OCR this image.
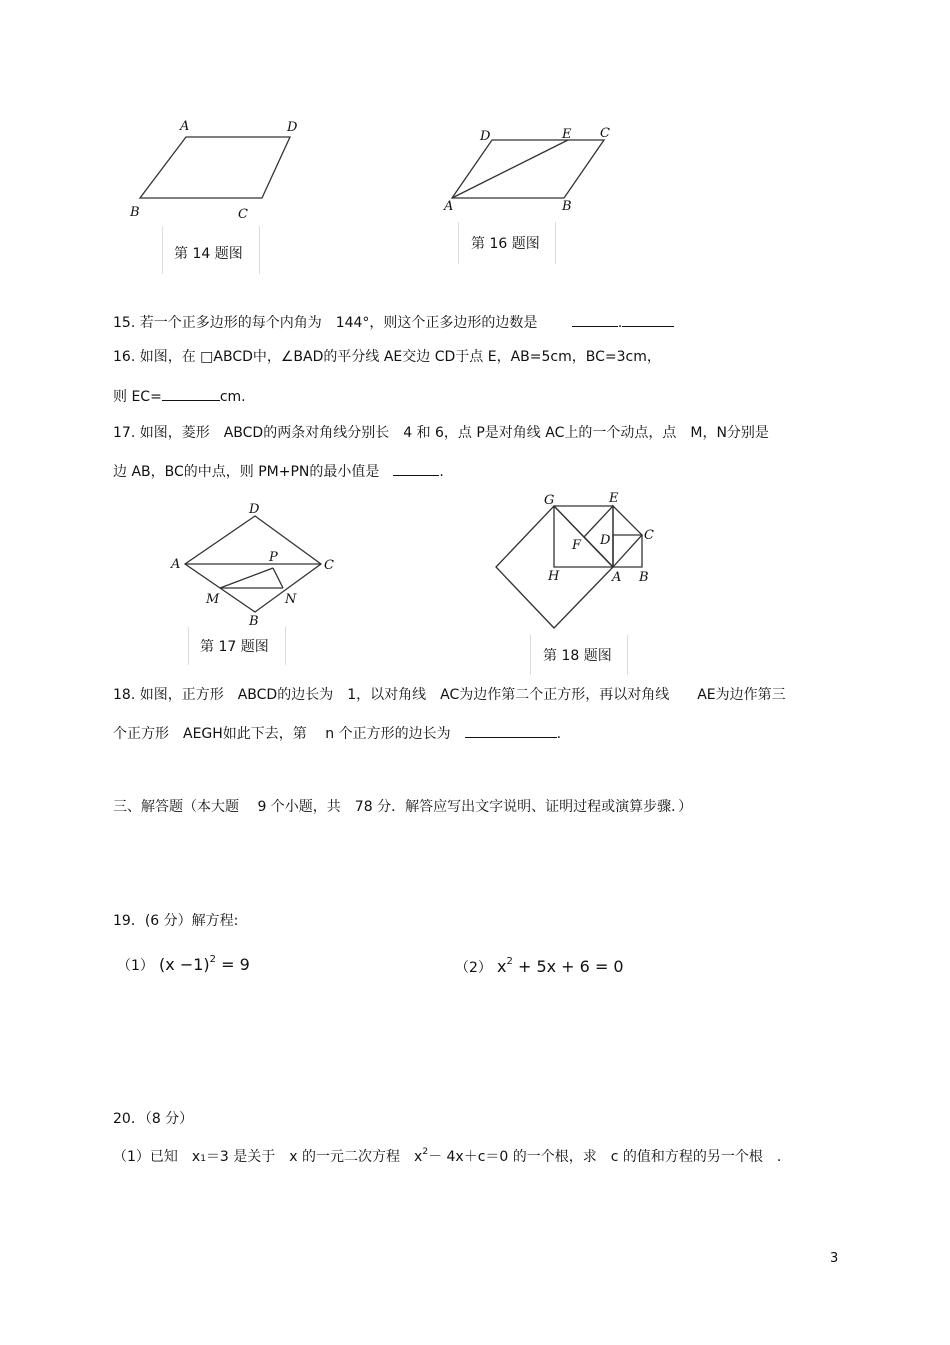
A	D
B	C
第 14 题图
D	E C
A	B
第 16 题图
15. 若一个正多边形的每个内角为　144°，则这个正多边形的边数是	.
16. 如图，在 □ABCD中，∠BAD的平分线 AE交边 CD于点 E，AB=5cm，BC=3cm，
则 EC=	cm.
17. 如图，菱形　ABCD的两条对角线分别长　4 和 6，点 P是对角线 AC上的一个动点，点　M，N分别是
边 AB，BC的中点，则 PM+PN的最小值是	.
D
A	C
P
M	N
B
第 17 题图
G	E
C
F D
H	A B
第 18 题图
18. 如图，正方形　ABCD的边长为　1，以对角线　AC为边作第二个正方形，再以对角线　　AE为边作第三
个正方形　AEGH如此下去，第　 n 个正方形的边长为	.
三、解答题（本大题　 9 个小题，共　78 分．解答应写出文字说明、证明过程或演算步骤．）
19．(6 分）解方程:
（1） $(x -1)^2 = 9$	（2） $x^2 + 5x + 6 = 0$
20．（8 分）
（1）已知　x1＝3 是关于　x 的一元二次方程　$x^2- 4x+c=0$ 的一个根，求　c 的值和方程的另一个根　.
3
